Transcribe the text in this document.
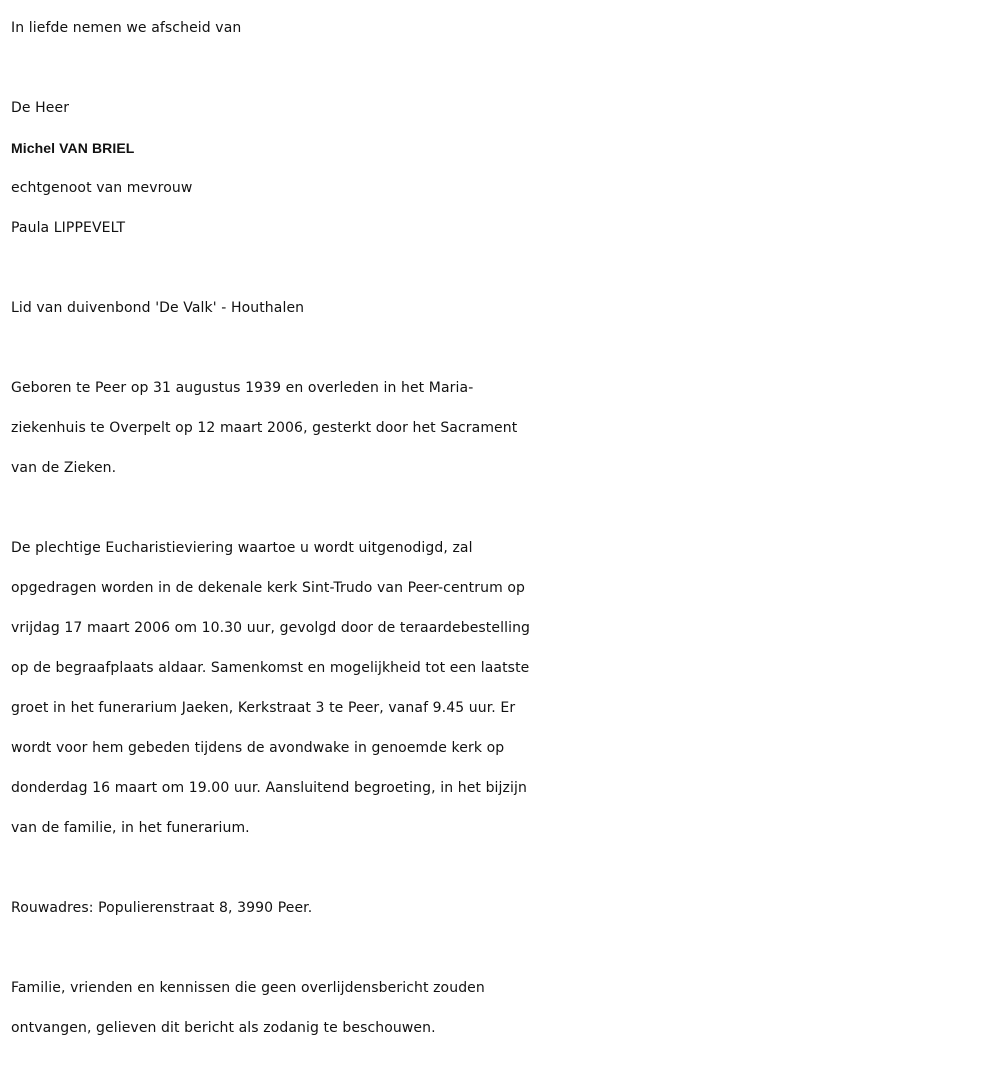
In liefde nemen we afscheid van

De Heer

Michel VAN BRIEL

echtgenoot van mevrouw

Paula LIPPEVELT

Lid van duivenbond 'De Valk' - Houthalen

Geboren te Peer op 31 augustus 1939 en overleden in het Maria-

ziekenhuis te Overpelt op 12 maart 2006, gesterkt door het Sacrament

van de Zieken.

De plechtige Eucharistieviering waartoe u wordt uitgenodigd, zal

opgedragen worden in de dekenale kerk Sint-Trudo van Peer-centrum op

vrijdag 17 maart 2006 om 10.30 uur, gevolgd door de teraardebestelling

op de begraafplaats aldaar. Samenkomst en mogelijkheid tot een laatste

groet in het funerarium Jaeken, Kerkstraat 3 te Peer, vanaf 9.45 uur. Er

wordt voor hem gebeden tijdens de avondwake in genoemde kerk op

donderdag 16 maart om 19.00 uur. Aansluitend begroeting, in het bijzijn

van de familie, in het funerarium.

Rouwadres: Populierenstraat 8, 3990 Peer.

Familie, vrienden en kennissen die geen overlijdensbericht zouden

ontvangen, gelieven dit bericht als zodanig te beschouwen.
